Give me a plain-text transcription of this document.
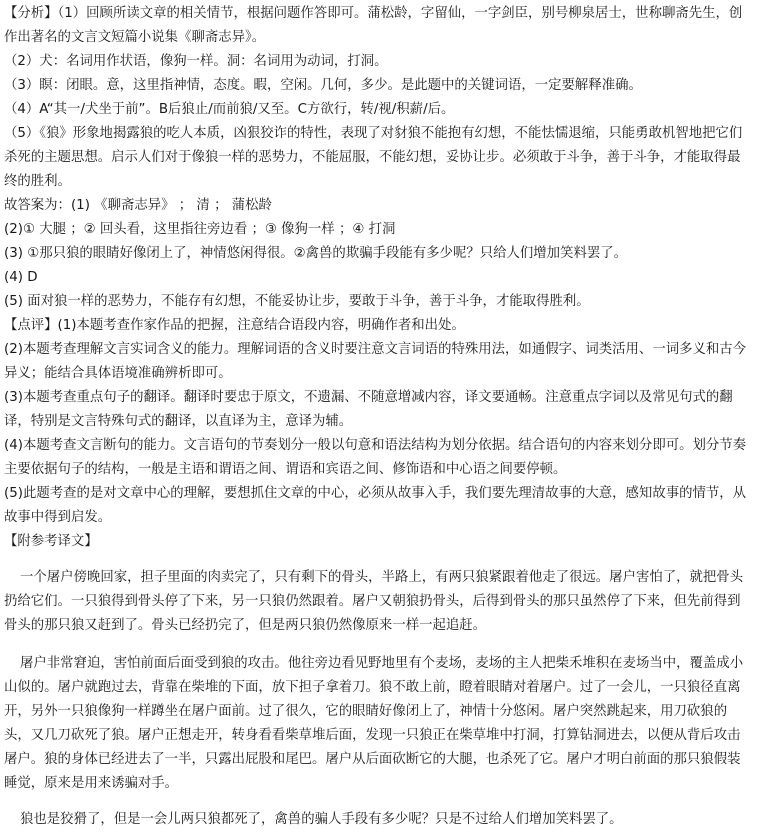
【分析】（1）回顾所读文章的相关情节，根据问题作答即可。蒲松龄，字留仙，一字剑臣，别号柳泉居士，世称聊斋先生，创

作出著名的文言文短篇小说集《聊斋志异》。

（2）犬：名词用作状语，像狗一样。洞：名词用为动词，打洞。

（3）瞑：闭眼。意，这里指神情，态度。暇，空闲。几何，多少。是此题中的关键词语，一定要解释准确。

（4）A“其一/犬坐于前”。B后狼止/而前狼/又至。C方欲行，转/视/积薪/后。

（5）《狼》形象地揭露狼的吃人本质，凶狠狡诈的特性，表现了对豺狼不能抱有幻想，不能怯懦退缩，只能勇敢机智地把它们

杀死的主题思想。启示人们对于像狼一样的恶势力，不能屈服，不能幻想，妥协让步。必须敢于斗争，善于斗争，才能取得最

终的胜利。

故答案为：(1) 《聊斋志异》 ； 清 ； 蒲松龄

(2)① 大腿 ；② 回头看，这里指往旁边看 ；③ 像狗一样 ；④ 打洞

(3) ①那只狼的眼睛好像闭上了，神情悠闲得很。②禽兽的欺骗手段能有多少呢？只给人们增加笑料罢了。

(4) D

(5) 面对狼一样的恶势力，不能存有幻想，不能妥协让步，要敢于斗争，善于斗争，才能取得胜利。

【点评】(1)本题考查作家作品的把握，注意结合语段内容，明确作者和出处。

(2)本题考查理解文言实词含义的能力。理解词语的含义时要注意文言词语的特殊用法，如通假字、词类活用、一词多义和古今

异义；能结合具体语境准确辨析即可。

(3)本题考查重点句子的翻译。翻译时要忠于原文，不遗漏、不随意增减内容，译文要通畅。注意重点字词以及常见句式的翻

译，特别是文言特殊句式的翻译，以直译为主，意译为辅。

(4)本题考查文言断句的能力。文言语句的节奏划分一般以句意和语法结构为划分依据。结合语句的内容来划分即可。划分节奏

主要依据句子的结构，一般是主语和谓语之间、谓语和宾语之间、修饰语和中心语之间要停顿。

(5)此题考查的是对文章中心的理解，要想抓住文章的中心，必须从故事入手，我们要先理清故事的大意，感知故事的情节，从

故事中得到启发。

【附参考译文】

一个屠户傍晚回家，担子里面的肉卖完了，只有剩下的骨头，半路上，有两只狼紧跟着他走了很远。屠户害怕了，就把骨头

扔给它们。一只狼得到骨头停了下来，另一只狼仍然跟着。屠户又朝狼扔骨头，后得到骨头的那只虽然停了下来，但先前得到

骨头的那只狼又赶到了。骨头已经扔完了，但是两只狼仍然像原来一样一起追赶。

屠户非常窘迫，害怕前面后面受到狼的攻击。他往旁边看见野地里有个麦场，麦场的主人把柴禾堆积在麦场当中，覆盖成小

山似的。屠户就跑过去，背靠在柴堆的下面，放下担子拿着刀。狼不敢上前，瞪着眼睛对着屠户。过了一会儿，一只狼径直离

开，另外一只狼像狗一样蹲坐在屠户面前。过了很久，它的眼睛好像闭上了，神情十分悠闲。屠户突然跳起来，用刀砍狼的

头，又几刀砍死了狼。屠户正想走开，转身看看柴草堆后面，发现一只狼正在柴草堆中打洞，打算钻洞进去，以便从背后攻击

屠户。狼的身体已经进去了一半，只露出屁股和尾巴。屠户从后面砍断它的大腿，也杀死了它。屠户才明白前面的那只狼假装

睡觉，原来是用来诱骗对手。

狼也是狡猾了，但是一会儿两只狼都死了，禽兽的骗人手段有多少呢？只是不过给人们增加笑料罢了。
